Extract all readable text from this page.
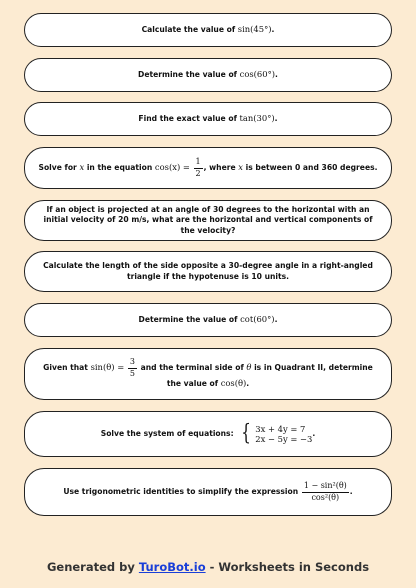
Calculate the value of sin(45°).
Determine the value of cos(60°).
Find the exact value of tan(30°).
Solve for x in the equation $\cos(x) = \frac{1}{2}$ , where x is between 0 and 360 degrees.
If an object is projected at an angle of 30 degrees to the horizontal with an initial velocity of 20 m/s, what are the horizontal and vertical components of the velocity?
Calculate the length of the side opposite a 30-degree angle in a right-angled triangle if the hypotenuse is 10 units.
Determine the value of cot(60°).
Given that $\sin(\theta) = \frac{3}{5}$ and the terminal side of θ is in Quadrant II, determine the value of cos(θ).
Solve the system of equations: { 3x + 4y = 7
2x − 5y = −3
.
Use trigonometric identities to simplify the expression $\frac{\text{1 − sin²(θ)}}{\text{cos²(θ)}}$ .
Generated by TuroBot.io - Worksheets in Seconds
